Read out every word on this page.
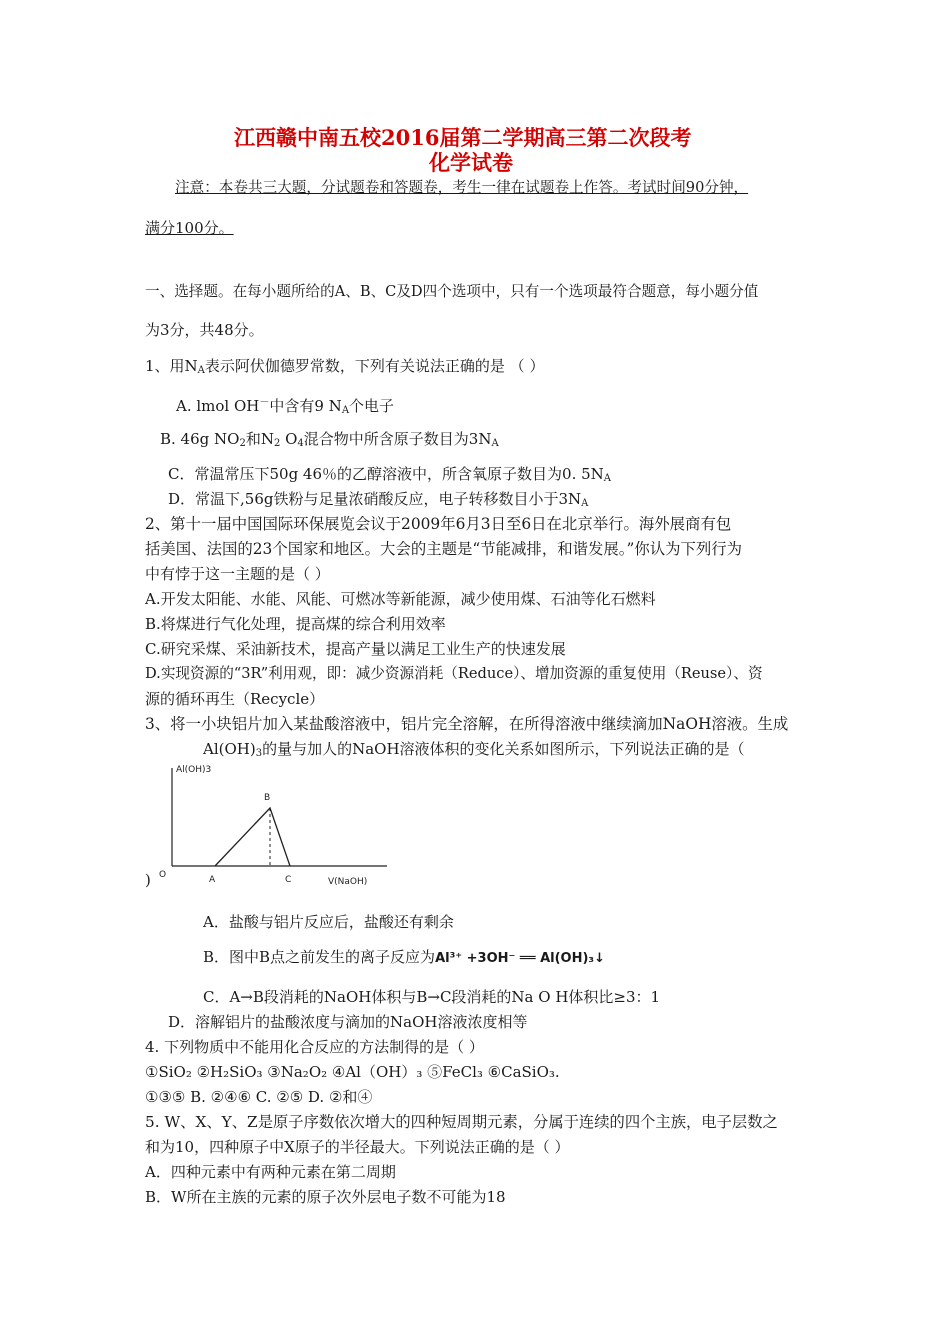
江西赣中南五校2016届第二学期高三第二次段考
化学试卷
注意：本卷共三大题，分试题卷和答题卷，考生一律在试题卷上作答。考试时间90分钟，
满分100分。
一、选择题。在每小题所给的A、B、C及D四个选项中，只有一个选项最符合题意，每小题分值
为3分，共48分。
1、用$N_A$表示阿伏伽德罗常数，下列有关说法正确的是 （ ）
A. lmol OH－中含有9 $N_A$个电子
B. 46g $NO_2$和$N_2$ $O_4$混合物中所含原子数目为$3N_A$
C．常温常压下50g 46％的乙醇溶液中，所含氧原子数目为0. $5N_A$
D．常温下,56g铁粉与足量浓硝酸反应，电子转移数目小于$3N_A$
2、第十一届中国国际环保展览会议于2009年6月3日至6日在北京举行。海外展商有包
括美国、法国的23个国家和地区。大会的主题是“节能减排，和谐发展。”你认为下列行为
中有悖于这一主题的是（ ）
A.开发太阳能、水能、风能、可燃冰等新能源，减少使用煤、石油等化石燃料
B.将煤进行气化处理，提高煤的综合利用效率
C.研究采煤、采油新技术，提高产量以满足工业生产的快速发展
D.实现资源的“3R”利用观，即：减少资源消耗（Reduce）、增加资源的重复使用（Reuse）、资
源的循环再生（Recycle）
3、将一小块铝片加入某盐酸溶液中，铝片完全溶解，在所得溶液中继续滴加NaOH溶液。生成
$Al(OH)_3$的量与加人的NaOH溶液体积的变化关系如图所示，下列说法正确的是（
Al(OH)3
V(NaOH)
O	A
B
C
)
A．盐酸与铝片反应后，盐酸还有剩余
B．图中B点之前发生的离子反应为Al³⁺ +3OH⁻ ══ Al(OH)₃↓
C．A→B段消耗的NaOH体积与B→C段消耗的Na O H体积比≥3：1
D．溶解铝片的盐酸浓度与滴加的NaOH溶液浓度相等
4. 下列物质中不能用化合反应的方法制得的是（ ）
①SiO₂ ②H₂SiO₃ ③Na₂O₂ ④Al（OH）₃ ⑤FeCl₃ ⑥CaSiO₃.
①③⑤ B. ②④⑥ C. ②⑤ D. ②和④
5. W、X、Y、Z是原子序数依次增大的四种短周期元素，分属于连续的四个主族，电子层数之
和为10，四种原子中X原子的半径最大。下列说法正确的是（ ）
A．四种元素中有两种元素在第二周期
B．W所在主族的元素的原子次外层电子数不可能为18
